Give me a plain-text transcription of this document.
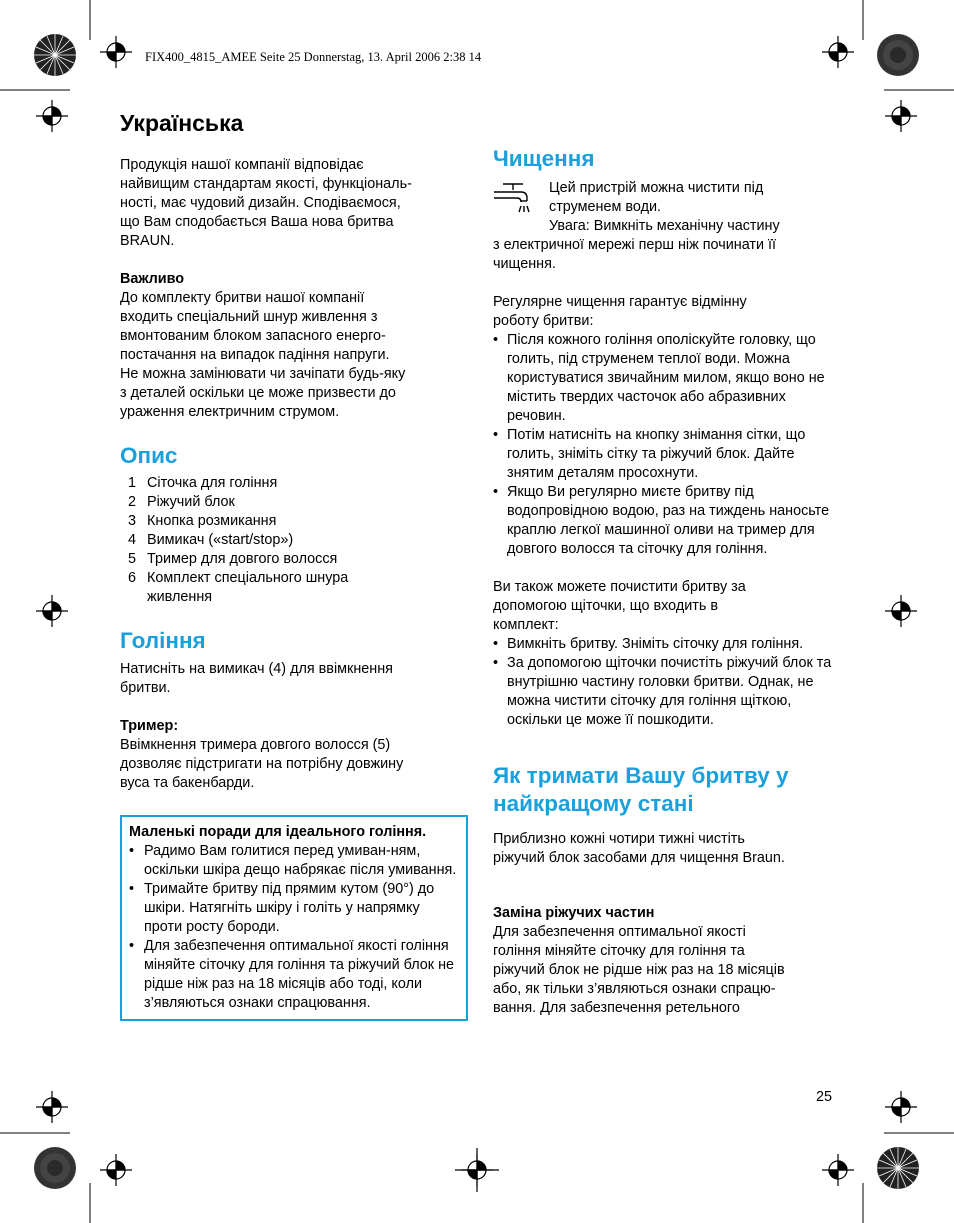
FIX400_4815_AMEE Seite 25 Donnerstag, 13. April 2006 2:38 14
Українська

Продукція нашої компанії відповідає
найвищим стандартам якості, функціональ-
ності, має чудовий дизайн. Сподіваємося,
що Вам сподобається Ваша нова бритва
BRAUN.

Важливо

До комплекту бритви нашої компанії
входить спеціальний шнур живлення з
вмонтованим блоком запасного енерго-
постачання на випадок падіння напруги.
Не можна замінювати чи зачіпати будь-яку
з деталей оскільки це може призвести до
ураження електричним струмом.

Опис
1 Сіточка для гоління
2 Ріжучий блок
3 Кнопка розмикання
4 Вимикач («start/stop»)
5 Тример для довгого волосся
6 Комплект спеціального шнура живлення
Гоління

Натисніть на вимикач (4) для ввімкнення
бритви.

Тример:

Ввімкнення тримера довгого волосся (5)
дозволяє підстригати на потрібну довжину
вуса та бакенбарди.

Маленькі поради для ідеального гоління.

• Радимо Вам голитися перед умиван-ням, оскільки шкіра дещо набрякає після умивання.
• Тримайте бритву під прямим кутом (90°) до шкіри. Натягніть шкіру і голіть у напрямку проти росту бороди.
• Для забезпечення оптимальної якості гоління міняйте сіточку для гоління та ріжучий блок не рідше ніж раз на 18 місяців або тоді, коли з’являються ознаки спрацювання.
Чищення

Цей пристрій можна чистити під
струменем води.
Увага: Вимкніть механічну частину

з електричної мережі перш ніж починати її
чищення.

Регулярне чищення гарантує відмінну
роботу бритви:

• Після кожного гоління ополіскуйте головку, що голить, під струменем теплої води. Можна користуватися звичайним милом, якщо воно не містить твердих часточок або абразивних речовин.
• Потім натисніть на кнопку знімання сітки, що голить, зніміть сітку та ріжучий блок. Дайте знятим деталям просохнути.
• Якщо Ви регулярно миєте бритву під водопровідною водою, раз на тиждень наносьте краплю легкої машинної оливи на тример для довгого волосся та сіточку для гоління.

Ви також можете почистити бритву за
допомогою щіточки, що входить в
комплект:

• Вимкніть бритву. Зніміть сіточку для гоління.
• За допомогою щіточки почистіть ріжучий блок та внутрішню частину головки бритви. Однак, не можна чистити сіточку для гоління щіткою, оскільки це може її пошкодити.
Як тримати Вашу бритву у найкращому стані

Приблизно кожні чотири тижні чистіть
ріжучий блок засобами для чищення Braun.

Заміна ріжучих частин

Для забезпечення оптимальної якості
гоління міняйте сіточку для гоління та
ріжучий блок не рідше ніж раз на 18 місяців
або, як тільки з’являються ознаки спрацю-
вання. Для забезпечення ретельного

25
